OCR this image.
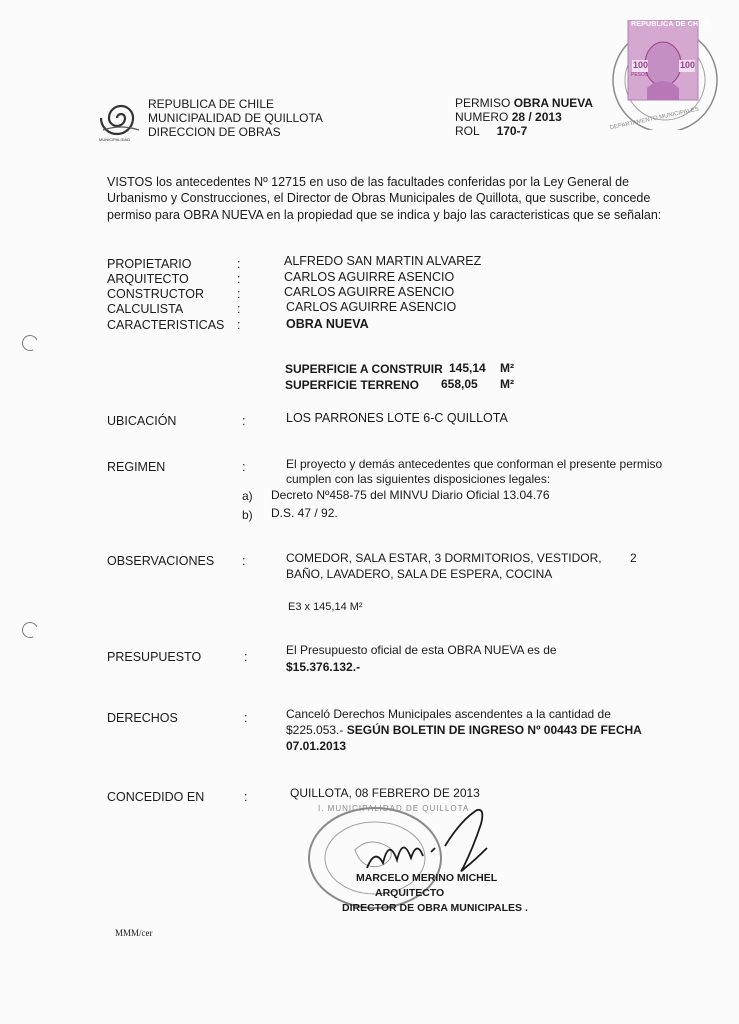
REPUBLICA DE CHILE
100	100
PESOS
DEPARTAMENTO MUNICIPALES
MUNICIPALIDAD
REPUBLICA DE CHILE
MUNICIPALIDAD DE QUILLOTA
DIRECCION DE OBRAS
PERMISO OBRA NUEVA
NUMERO 28 / 2013
ROL 170-7
VISTOS los antecedentes Nº 12715 en uso de las facultades conferidas por la Ley General de
Urbanismo y Construcciones, el Director de Obras Municipales de Quillota, que suscribe, concede
permiso para OBRA NUEVA en la propiedad que se indica y bajo las caracteristicas que se señalan:
PROPIETARIO	:	ALFREDO SAN MARTIN ALVAREZ
ARQUITECTO	:	CARLOS AGUIRRE ASENCIO
CONSTRUCTOR	:	CARLOS AGUIRRE ASENCIO
CALCULISTA	:	CARLOS AGUIRRE ASENCIO
CARACTERISTICAS :	OBRA NUEVA
SUPERFICIE A CONSTRUIR 145,14 M²
SUPERFICIE TERRENO 658,05 M²
UBICACIÓN	:	LOS PARRONES LOTE 6-C QUILLOTA
REGIMEN	:	El proyecto y demás antecedentes que conforman el presente permiso
cumplen con las siguientes disposiciones legales:
a) Decreto Nº458-75 del MINVU Diario Oficial 13.04.76
b) D.S. 47 / 92.
OBSERVACIONES :	COMEDOR, SALA ESTAR, 3 DORMITORIOS, VESTIDOR, 2
BAÑO, LAVADERO, SALA DE ESPERA, COCINA
E3 x 145,14 M²
PRESUPUESTO	:	El Presupuesto oficial de esta OBRA NUEVA es de
$15.376.132.-
DERECHOS	:	Canceló Derechos Municipales ascendentes a la cantidad de
$225.053.- SEGÚN BOLETIN DE INGRESO Nº 00443 DE FECHA
07.01.2013
CONCEDIDO EN	:	QUILLOTA, 08 FEBRERO DE 2013
I. MUNICIPALIDAD DE QUILLOTA
MARCELO MERINO MICHEL
ARQUITECTO
DIRECTOR DE OBRA MUNICIPALES .
MMM/cer
